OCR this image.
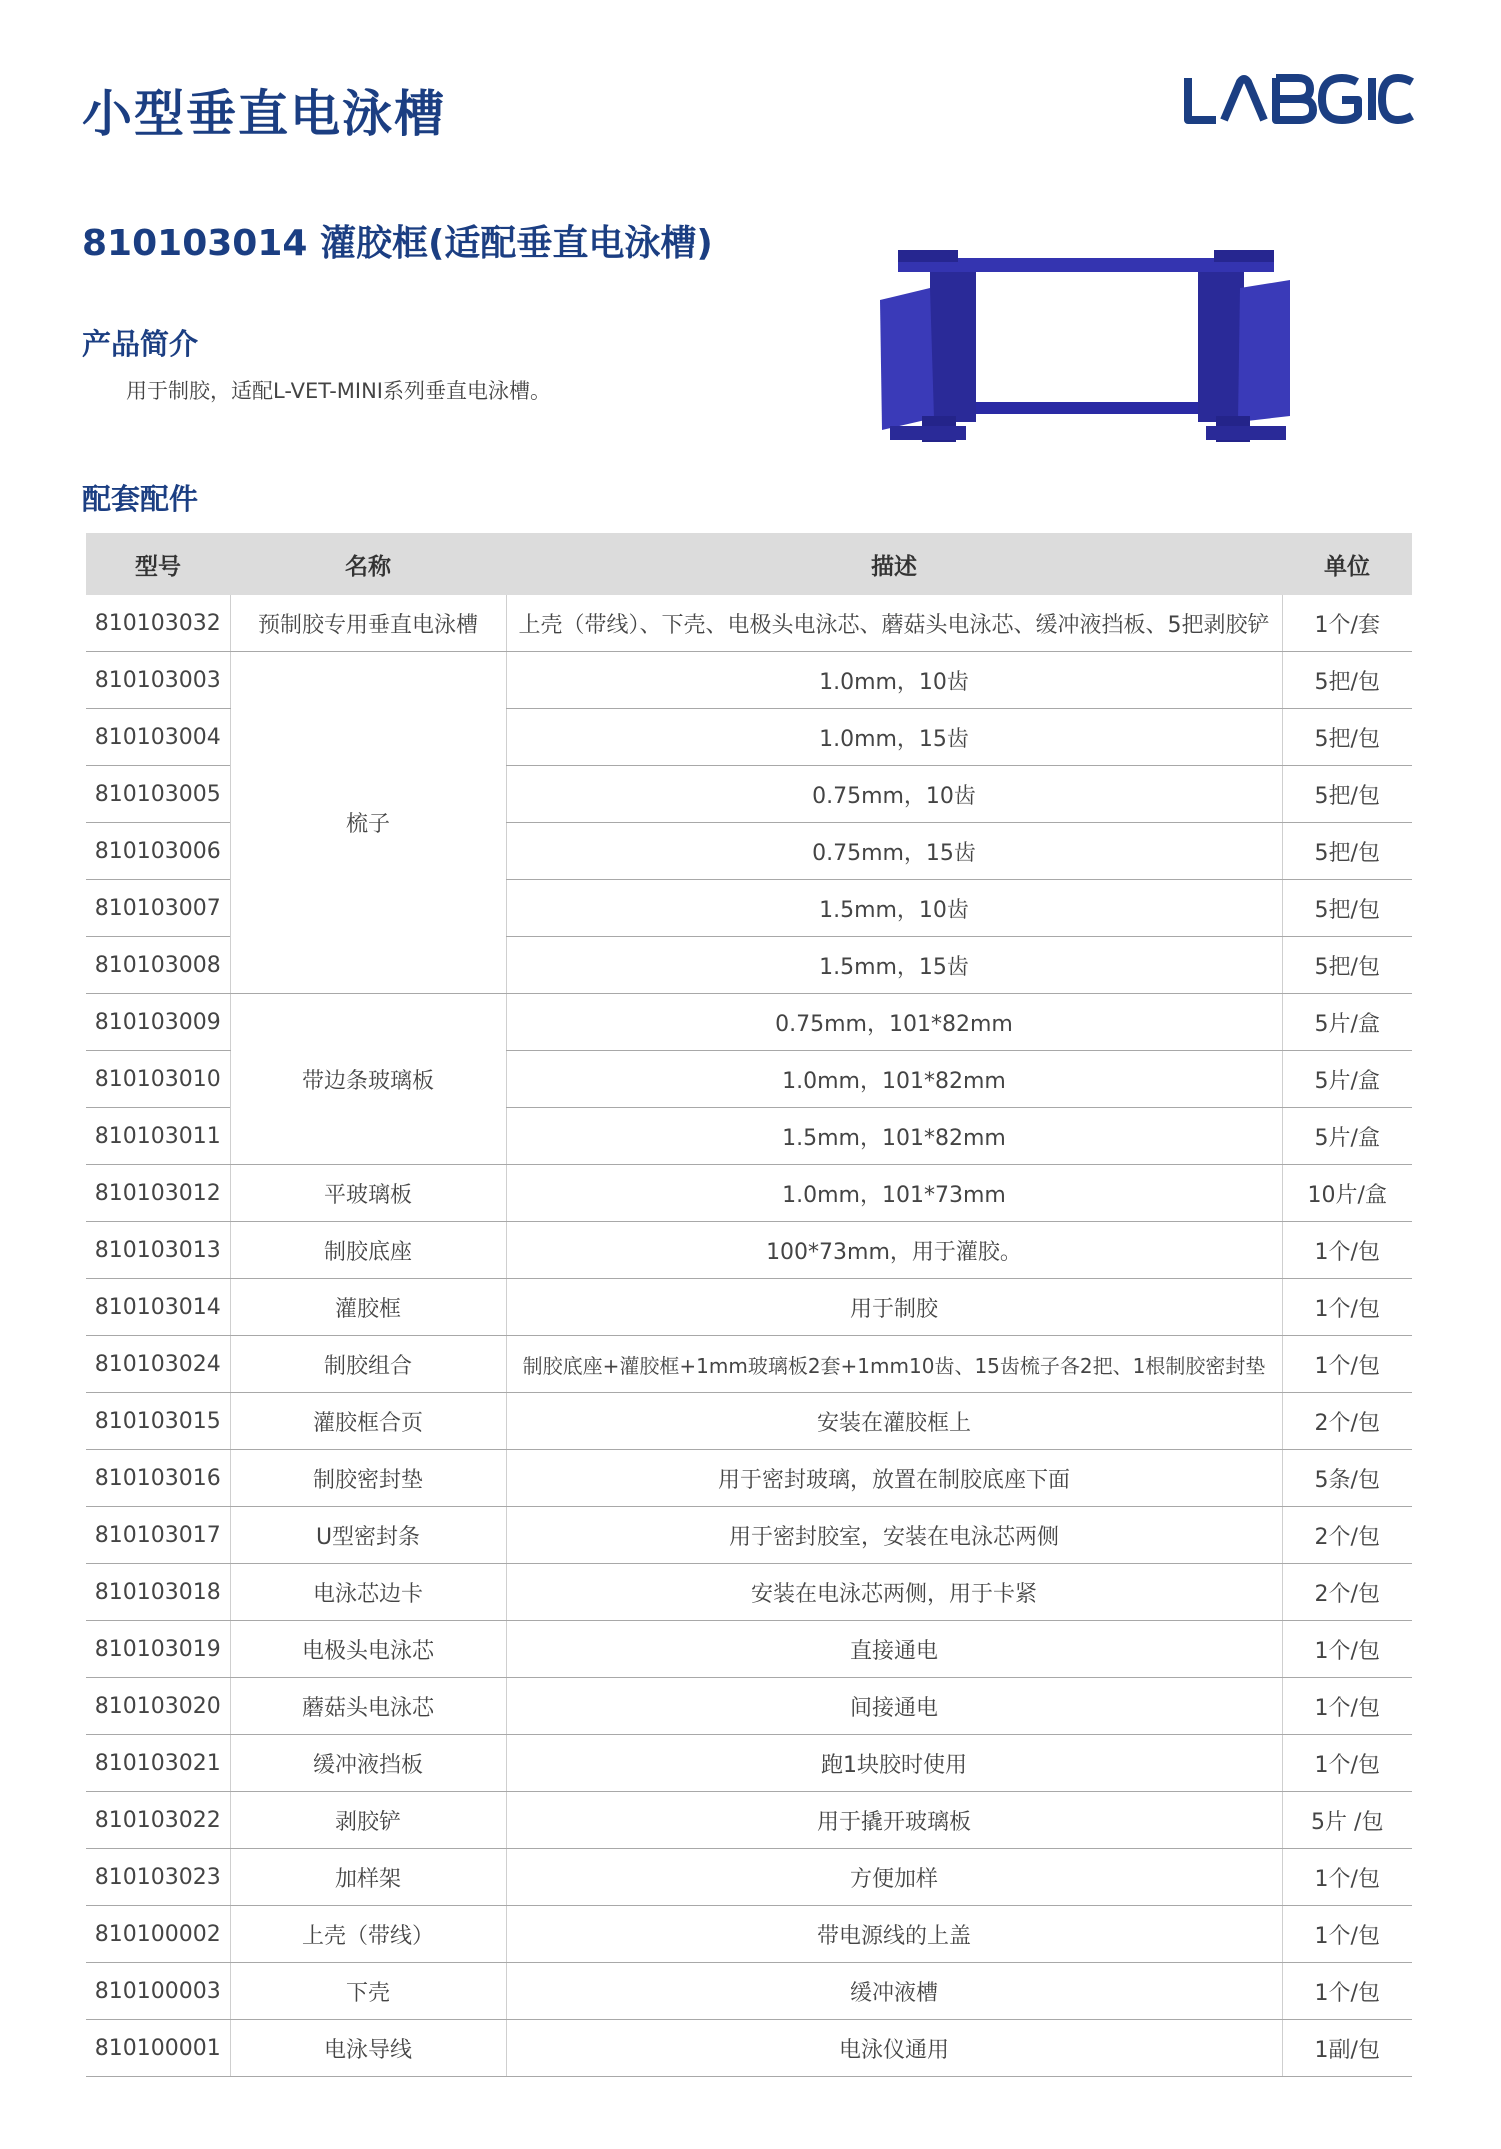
小型垂直电泳槽
810103014 灌胶框(适配垂直电泳槽)
产品简介
用于制胶，适配L-VET-MINI系列垂直电泳槽。
配套配件
型号	名称	描述	单位
810103032	预制胶专用垂直电泳槽	上壳（带线）、下壳、电极头电泳芯、蘑菇头电泳芯、缓冲液挡板、5把剥胶铲	1个/套
810103003	梳子	1.0mm，10齿	5把/包
810103004		1.0mm，15齿	5把/包
810103005		0.75mm，10齿	5把/包
810103006		0.75mm，15齿	5把/包
810103007		1.5mm，10齿	5把/包
810103008		1.5mm，15齿	5把/包
810103009	带边条玻璃板	0.75mm，101*82mm	5片/盒
810103010		1.0mm，101*82mm	5片/盒
810103011		1.5mm，101*82mm	5片/盒
810103012	平玻璃板	1.0mm，101*73mm	10片/盒
810103013	制胶底座	100*73mm，用于灌胶。	1个/包
810103014	灌胶框	用于制胶	1个/包
810103024	制胶组合	制胶底座+灌胶框+1mm玻璃板2套+1mm10齿、15齿梳子各2把、1根制胶密封垫	1个/包
810103015	灌胶框合页	安装在灌胶框上	2个/包
810103016	制胶密封垫	用于密封玻璃，放置在制胶底座下面	5条/包
810103017	U型密封条	用于密封胶室，安装在电泳芯两侧	2个/包
810103018	电泳芯边卡	安装在电泳芯两侧，用于卡紧	2个/包
810103019	电极头电泳芯	直接通电	1个/包
810103020	蘑菇头电泳芯	间接通电	1个/包
810103021	缓冲液挡板	跑1块胶时使用	1个/包
810103022	剥胶铲	用于撬开玻璃板	5片 /包
810103023	加样架	方便加样	1个/包
810100002	上壳（带线）	带电源线的上盖	1个/包
810100003	下壳	缓冲液槽	1个/包
810100001	电泳导线	电泳仪通用	1副/包
